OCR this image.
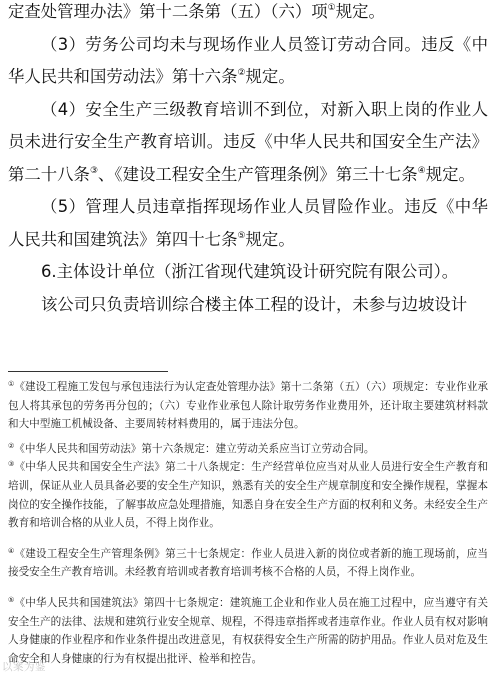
定查处管理办法》第十二条第（五）（六）项①规定。

（3）劳务公司均未与现场作业人员签订劳动合同。违反《中华人民共和国劳动法》第十六条②规定。

（4）安全生产三级教育培训不到位，对新入职上岗的作业人员未进行安全生产教育培训。违反《中华人民共和国安全生产法》第二十八条③、《建设工程安全生产管理条例》第三十七条④规定。

（5）管理人员违章指挥现场作业人员冒险作业。违反《中华人民共和国建筑法》第四十七条⑤规定。

6.主体设计单位（浙江省现代建筑设计研究院有限公司）。

该公司只负责培训综合楼主体工程的设计，未参与边坡设计

①《建设工程施工发包与承包违法行为认定查处管理办法》第十二条第（五）（六）项规定：专业作业承包人将其承包的劳务再分包的；（六）专业作业承包人除计取劳务作业费用外，还计取主要建筑材料款和大中型施工机械设备、主要周转材料费用的，属于违法分包。

②《中华人民共和国劳动法》第十六条规定：建立劳动关系应当订立劳动合同。

③《中华人民共和国安全生产法》第二十八条规定：生产经营单位应当对从业人员进行安全生产教育和培训，保证从业人员具备必要的安全生产知识，熟悉有关的安全生产规章制度和安全操作规程，掌握本岗位的安全操作技能，了解事故应急处理措施，知悉自身在安全生产方面的权利和义务。未经安全生产教育和培训合格的从业人员，不得上岗作业。

④《建设工程安全生产管理条例》第三十七条规定：作业人员进入新的岗位或者新的施工现场前，应当接受安全生产教育培训。未经教育培训或者教育培训考核不合格的人员，不得上岗作业。

⑤《中华人民共和国建筑法》第四十七条规定：建筑施工企业和作业人员在施工过程中，应当遵守有关安全生产的法律、法规和建筑行业安全规章、规程，不得违章指挥或者违章作业。作业人员有权对影响人身健康的作业程序和作业条件提出改进意见，有权获得安全生产所需的防护用品。作业人员对危及生命安全和人身健康的行为有权提出批评、检举和控告。

以案为鉴
